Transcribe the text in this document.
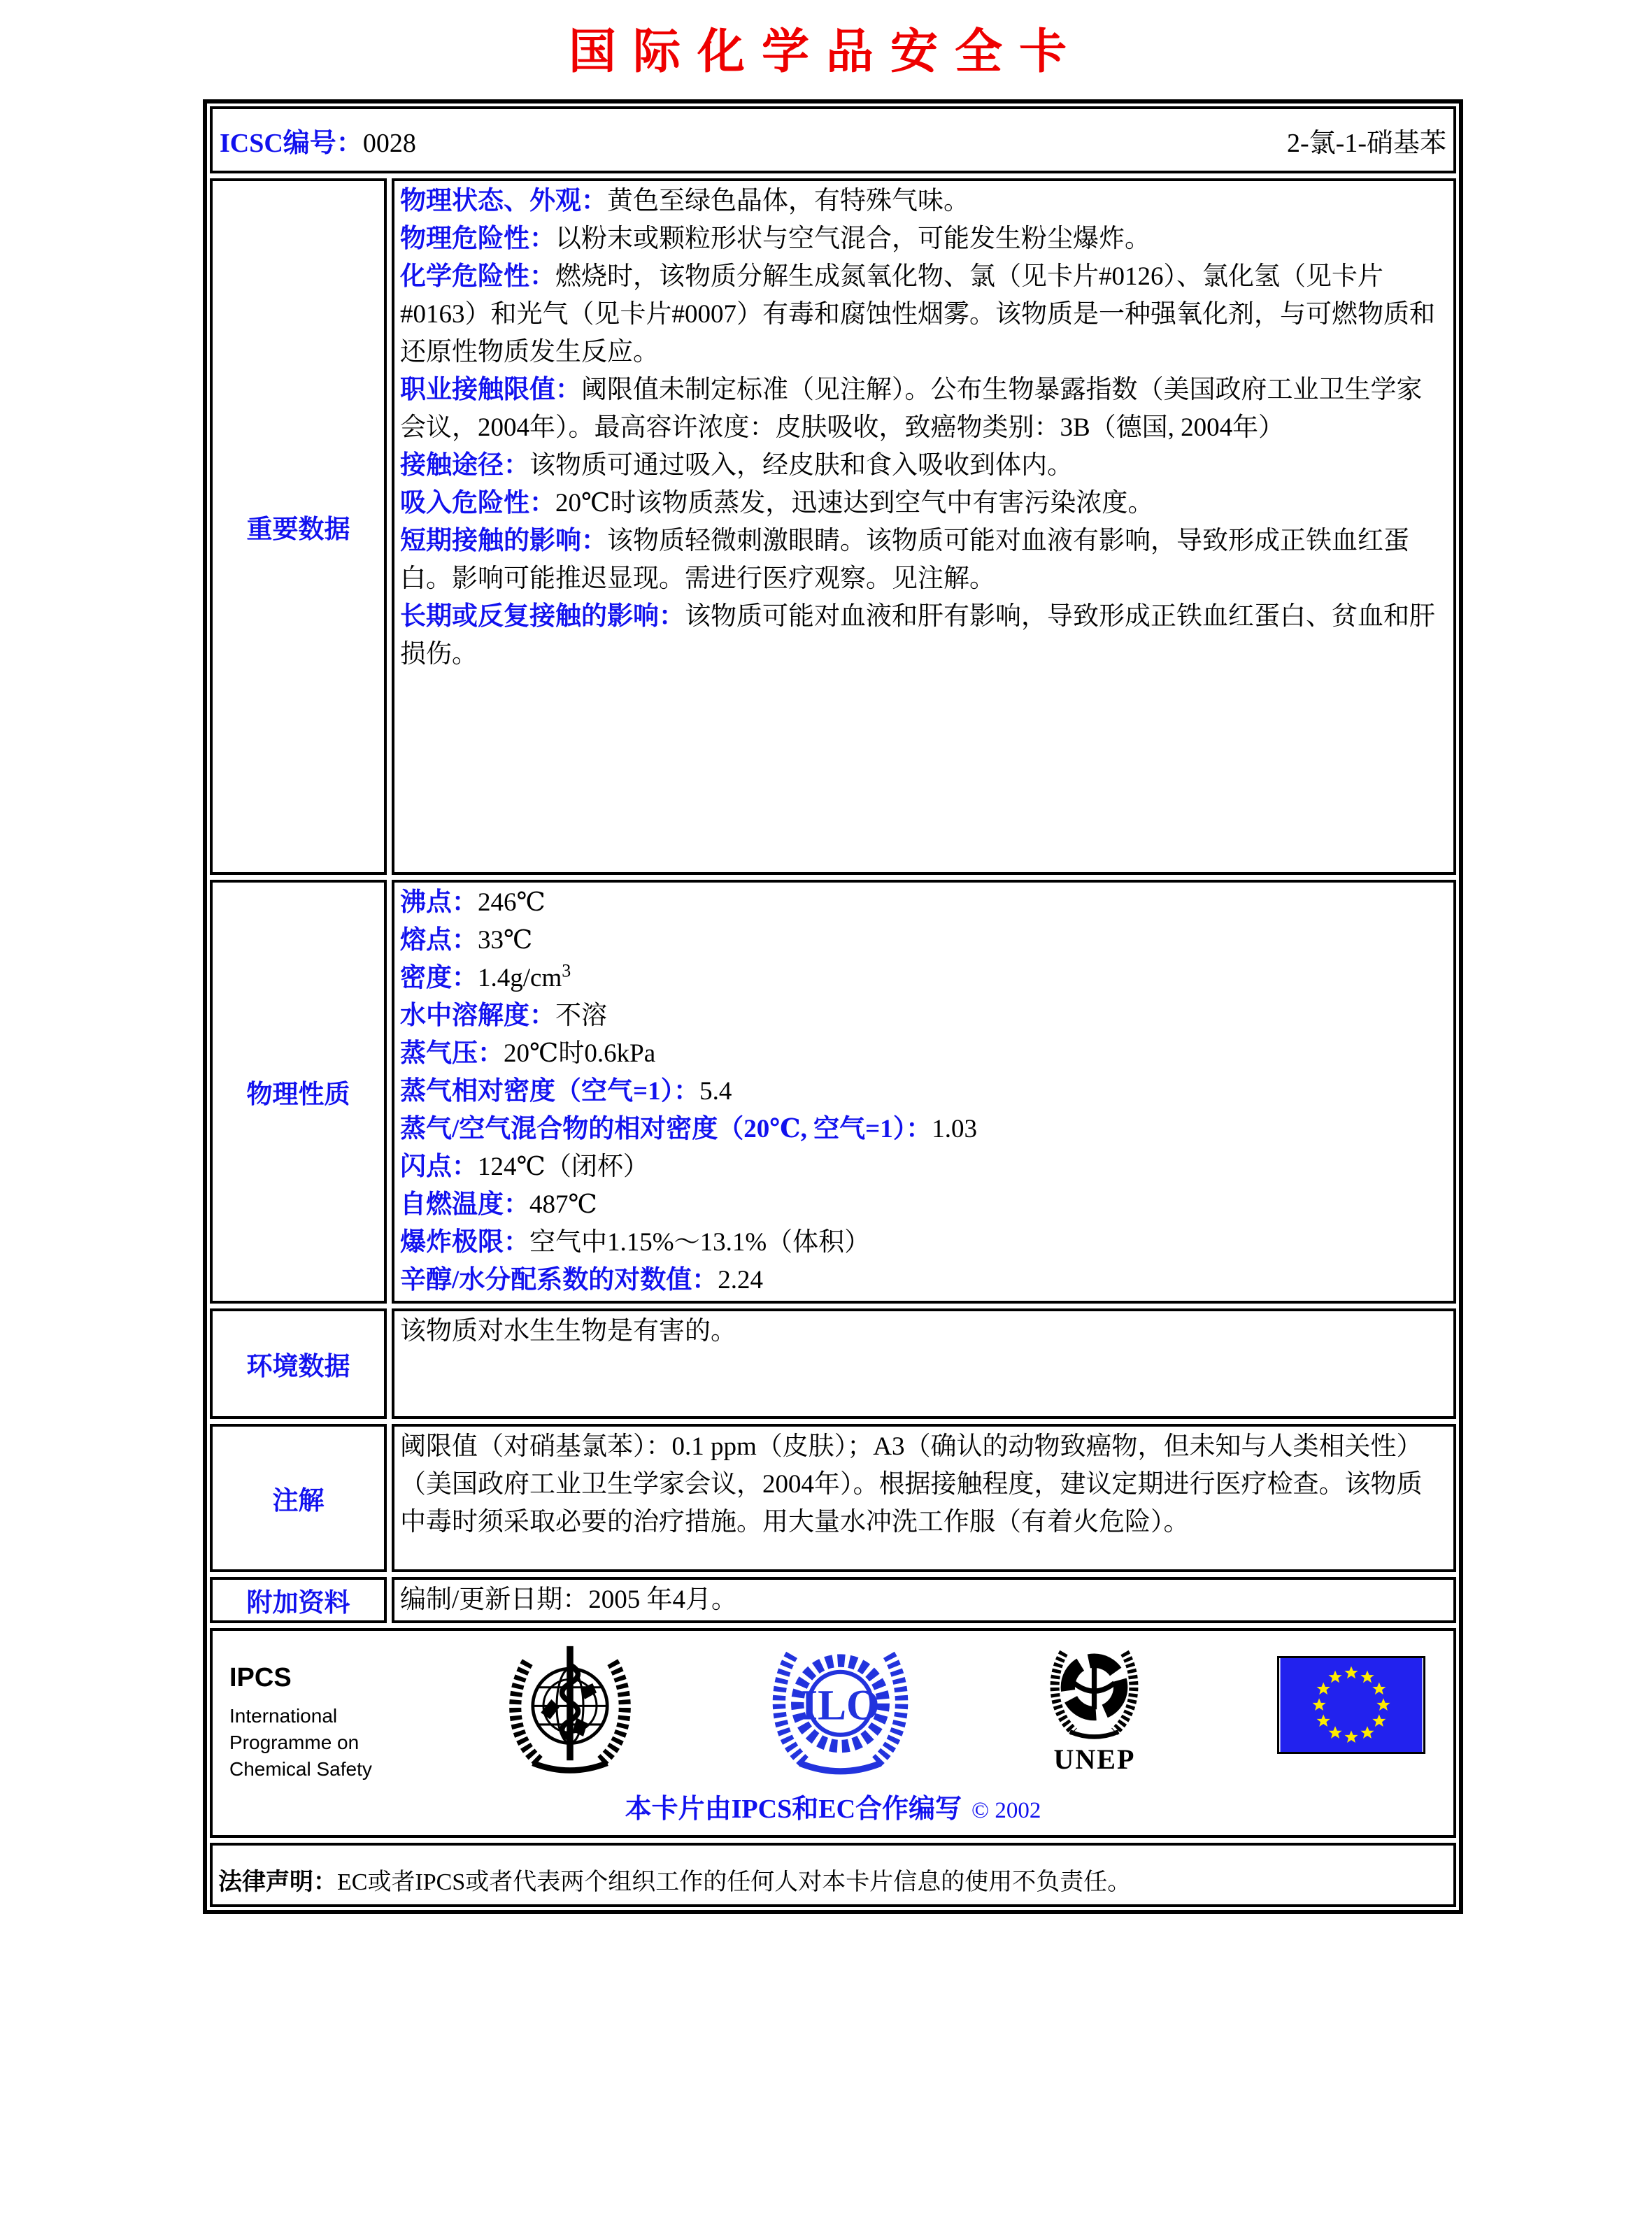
国际化学品安全卡
ICSC编号：0028	2-氯-1-硝基苯
重要数据
物理状态、外观：黄色至绿色晶体，有特殊气味。
物理危险性：以粉末或颗粒形状与空气混合，可能发生粉尘爆炸。
化学危险性：燃烧时，该物质分解生成氮氧化物、氯（见卡片#0126）、氯化氢（见卡片#0163）和光气（见卡片#0007）有毒和腐蚀性烟雾。该物质是一种强氧化剂，与可燃物质和还原性物质发生反应。
职业接触限值：阈限值未制定标准（见注解）。公布生物暴露指数（美国政府工业卫生学家会议，2004年）。最高容许浓度：皮肤吸收，致癌物类别：3B（德国, 2004年）
接触途径：该物质可通过吸入，经皮肤和食入吸收到体内。
吸入危险性：20℃时该物质蒸发，迅速达到空气中有害污染浓度。
短期接触的影响：该物质轻微刺激眼睛。该物质可能对血液有影响，导致形成正铁血红蛋白。影响可能推迟显现。需进行医疗观察。见注解。
长期或反复接触的影响：该物质可能对血液和肝有影响，导致形成正铁血红蛋白、贫血和肝损伤。
物理性质
沸点：246℃
熔点：33℃
密度：$1.4g/cm^3$
水中溶解度：不溶
蒸气压：20℃时0.6kPa
蒸气相对密度（空气=1）：5.4
蒸气/空气混合物的相对密度（20℃, 空气=1）：1.03
闪点：124℃（闭杯）
自燃温度：487℃
爆炸极限：空气中1.15%～13.1%（体积）
辛醇/水分配系数的对数值：2.24
环境数据
该物质对水生生物是有害的。
注解
阈限值（对硝基氯苯）：0.1 ppm（皮肤）；A3（确认的动物致癌物，但未知与人类相关性）（美国政府工业卫生学家会议，2004年）。根据接触程度，建议定期进行医疗检查。该物质中毒时须采取必要的治疗措施。用大量水冲洗工作服（有着火危险）。
附加资料	编制/更新日期：2005 年4月。
IPCS
International
Programme on
Chemical Safety
ILO
UNEP
本卡片由IPCS和EC合作编写 © 2002
法律声明：EC或者IPCS或者代表两个组织工作的任何人对本卡片信息的使用不负责任。
